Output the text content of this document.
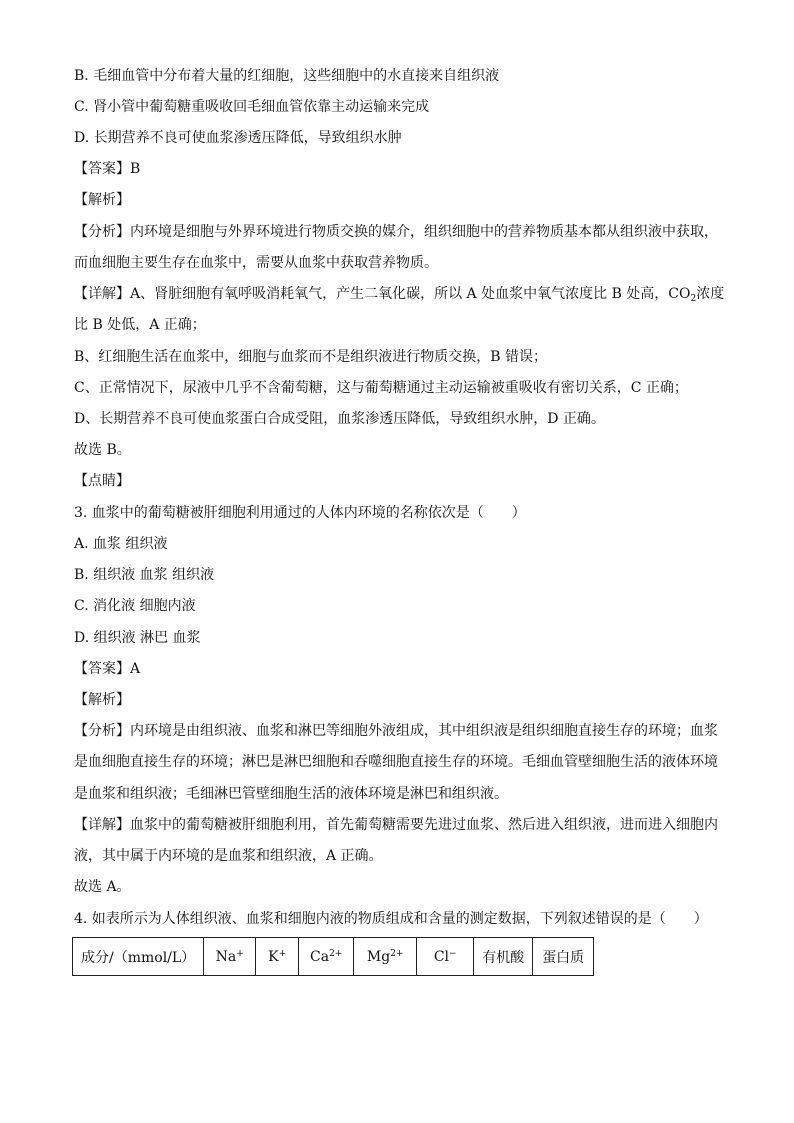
B. 毛细血管中分布着大量的红细胞，这些细胞中的水直接来自组织液
C. 肾小管中葡萄糖重吸收回毛细血管依靠主动运输来完成
D. 长期营养不良可使血浆渗透压降低，导致组织水肿
【答案】B
【解析】
【分析】内环境是细胞与外界环境进行物质交换的媒介，组织细胞中的营养物质基本都从组织液中获取，
而血细胞主要生存在血浆中，需要从血浆中获取营养物质。
【详解】A、肾脏细胞有氧呼吸消耗氧气，产生二氧化碳，所以 A 处血浆中氧气浓度比 B 处高，$CO_2$浓度
比 B 处低，A 正确；
B、红细胞生活在血浆中，细胞与血浆而不是组织液进行物质交换，B 错误；
C、正常情况下，尿液中几乎不含葡萄糖，这与葡萄糖通过主动运输被重吸收有密切关系，C 正确；
D、长期营养不良可使血浆蛋白合成受阻，血浆渗透压降低，导致组织水肿，D 正确。
故选 B。
【点睛】
3. 血浆中的葡萄糖被肝细胞利用通过的人体内环境的名称依次是（　　）
A. 血浆 组织液
B. 组织液 血浆 组织液
C. 消化液 细胞内液
D. 组织液 淋巴 血浆
【答案】A
【解析】
【分析】内环境是由组织液、血浆和淋巴等细胞外液组成，其中组织液是组织细胞直接生存的环境；血浆
是血细胞直接生存的环境；淋巴是淋巴细胞和吞噬细胞直接生存的环境。毛细血管壁细胞生活的液体环境
是血浆和组织液；毛细淋巴管壁细胞生活的液体环境是淋巴和组织液。
【详解】血浆中的葡萄糖被肝细胞利用，首先葡萄糖需要先进过血浆、然后进入组织液，进而进入细胞内
液，其中属于内环境的是血浆和组织液，A 正确。
故选 A。
4. 如表所示为人体组织液、血浆和细胞内液的物质组成和含量的测定数据，下列叙述错误的是（　　）
成分/（mmol/L）	Na+	K+	$Ca^{2+}$	$Mg^{2+}$	Cl−	有机酸	蛋白质
